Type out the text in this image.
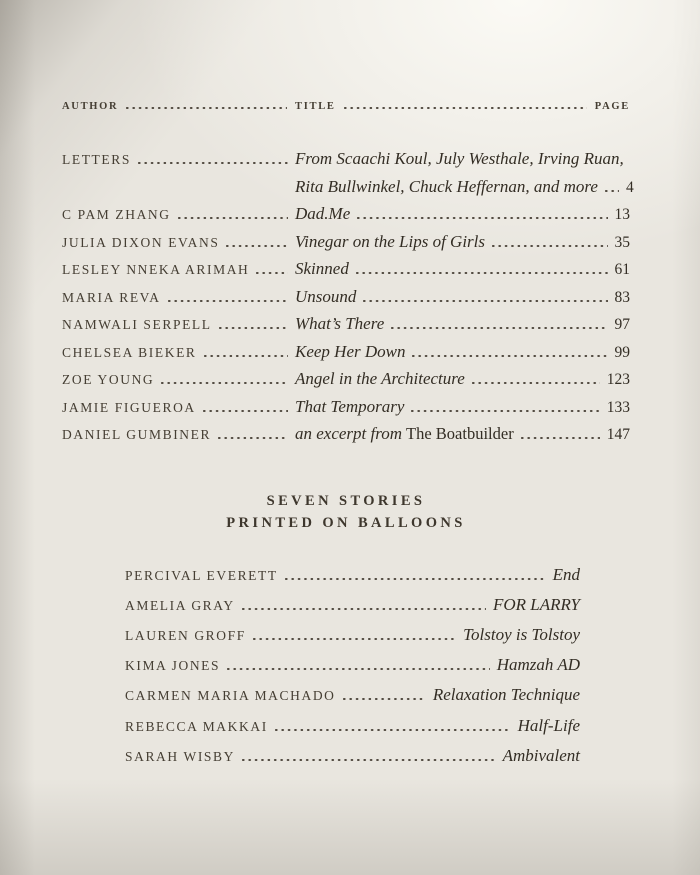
AUTHOR	TITLE	PAGE
LETTERS	From Scaachi Koul, July Westhale, Irving Ruan,
Rita Bullwinkel, Chuck Heffernan, and more 4
C PAM ZHANG	Dad.Me	13
JULIA DIXON EVANS	Vinegar on the Lips of Girls	35
LESLEY NNEKA ARIMAH	Skinned	61
MARIA REVA	Unsound	83
NAMWALI SERPELL	What’s There	97
CHELSEA BIEKER	Keep Her Down	99
ZOE YOUNG	Angel in the Architecture	123
JAMIE FIGUEROA	That Temporary	133
DANIEL GUMBINER	an excerpt from The Boatbuilder	147
SEVEN STORIES
PRINTED ON BALLOONS
PERCIVAL EVERETT	End
AMELIA GRAY	FOR LARRY
LAUREN GROFF	Tolstoy is Tolstoy
KIMA JONES	Hamzah AD
CARMEN MARIA MACHADO	Relaxation Technique
REBECCA MAKKAI	Half-Life
SARAH WISBY	Ambivalent
